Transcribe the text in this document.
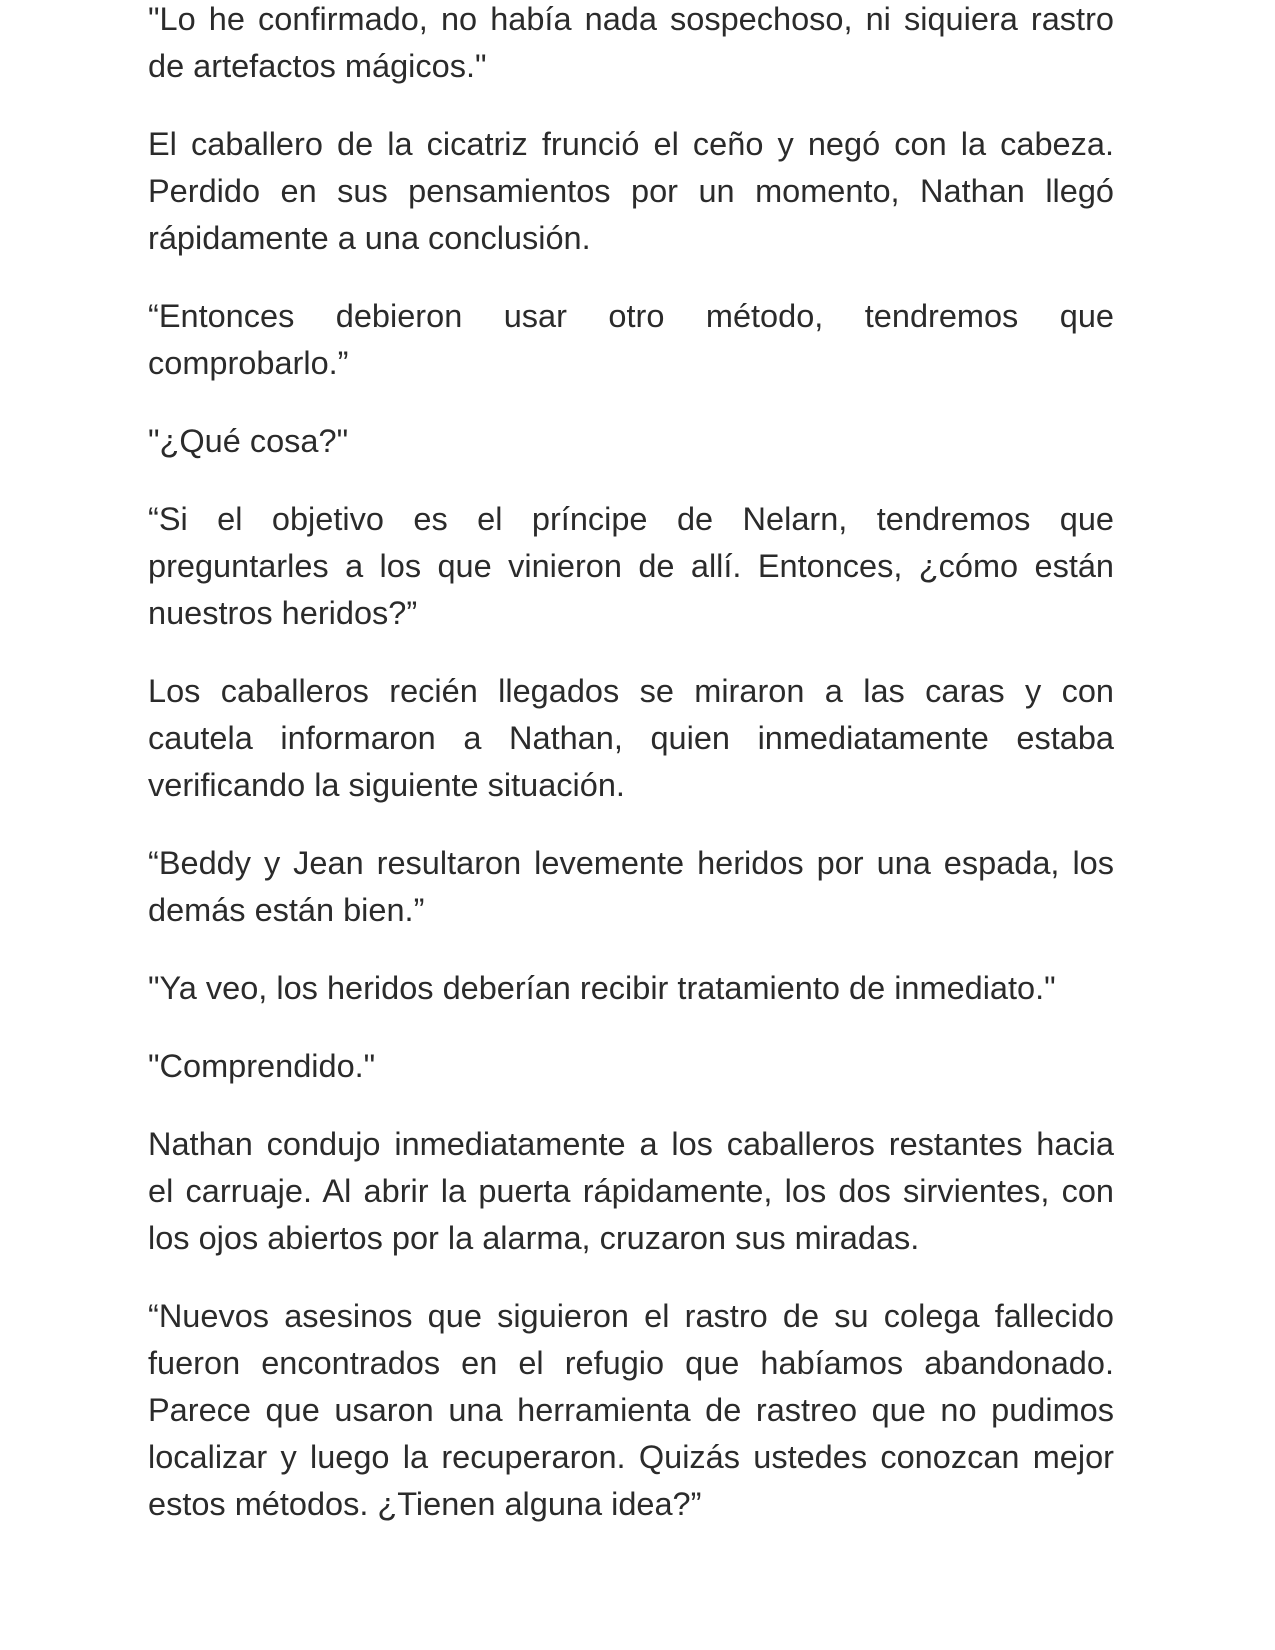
"Lo he confirmado, no había nada sospechoso, ni siquiera rastro de artefactos mágicos."

El caballero de la cicatriz frunció el ceño y negó con la cabeza. Perdido en sus pensamientos por un momento, Nathan llegó rápidamente a una conclusión.

“Entonces debieron usar otro método, tendremos que comprobarlo.”

"¿Qué cosa?"

“Si el objetivo es el príncipe de Nelarn, tendremos que preguntarles a los que vinieron de allí. Entonces, ¿cómo están nuestros heridos?”

Los caballeros recién llegados se miraron a las caras y con cautela informaron a Nathan, quien inmediatamente estaba verificando la siguiente situación.

“Beddy y Jean resultaron levemente heridos por una espada, los demás están bien.”

"Ya veo, los heridos deberían recibir tratamiento de inmediato."

"Comprendido."

Nathan condujo inmediatamente a los caballeros restantes hacia el carruaje. Al abrir la puerta rápidamente, los dos sirvientes, con los ojos abiertos por la alarma, cruzaron sus miradas.

“Nuevos asesinos que siguieron el rastro de su colega fallecido fueron encontrados en el refugio que habíamos abandonado. Parece que usaron una herramienta de rastreo que no pudimos localizar y luego la recuperaron. Quizás ustedes conozcan mejor estos métodos. ¿Tienen alguna idea?”
